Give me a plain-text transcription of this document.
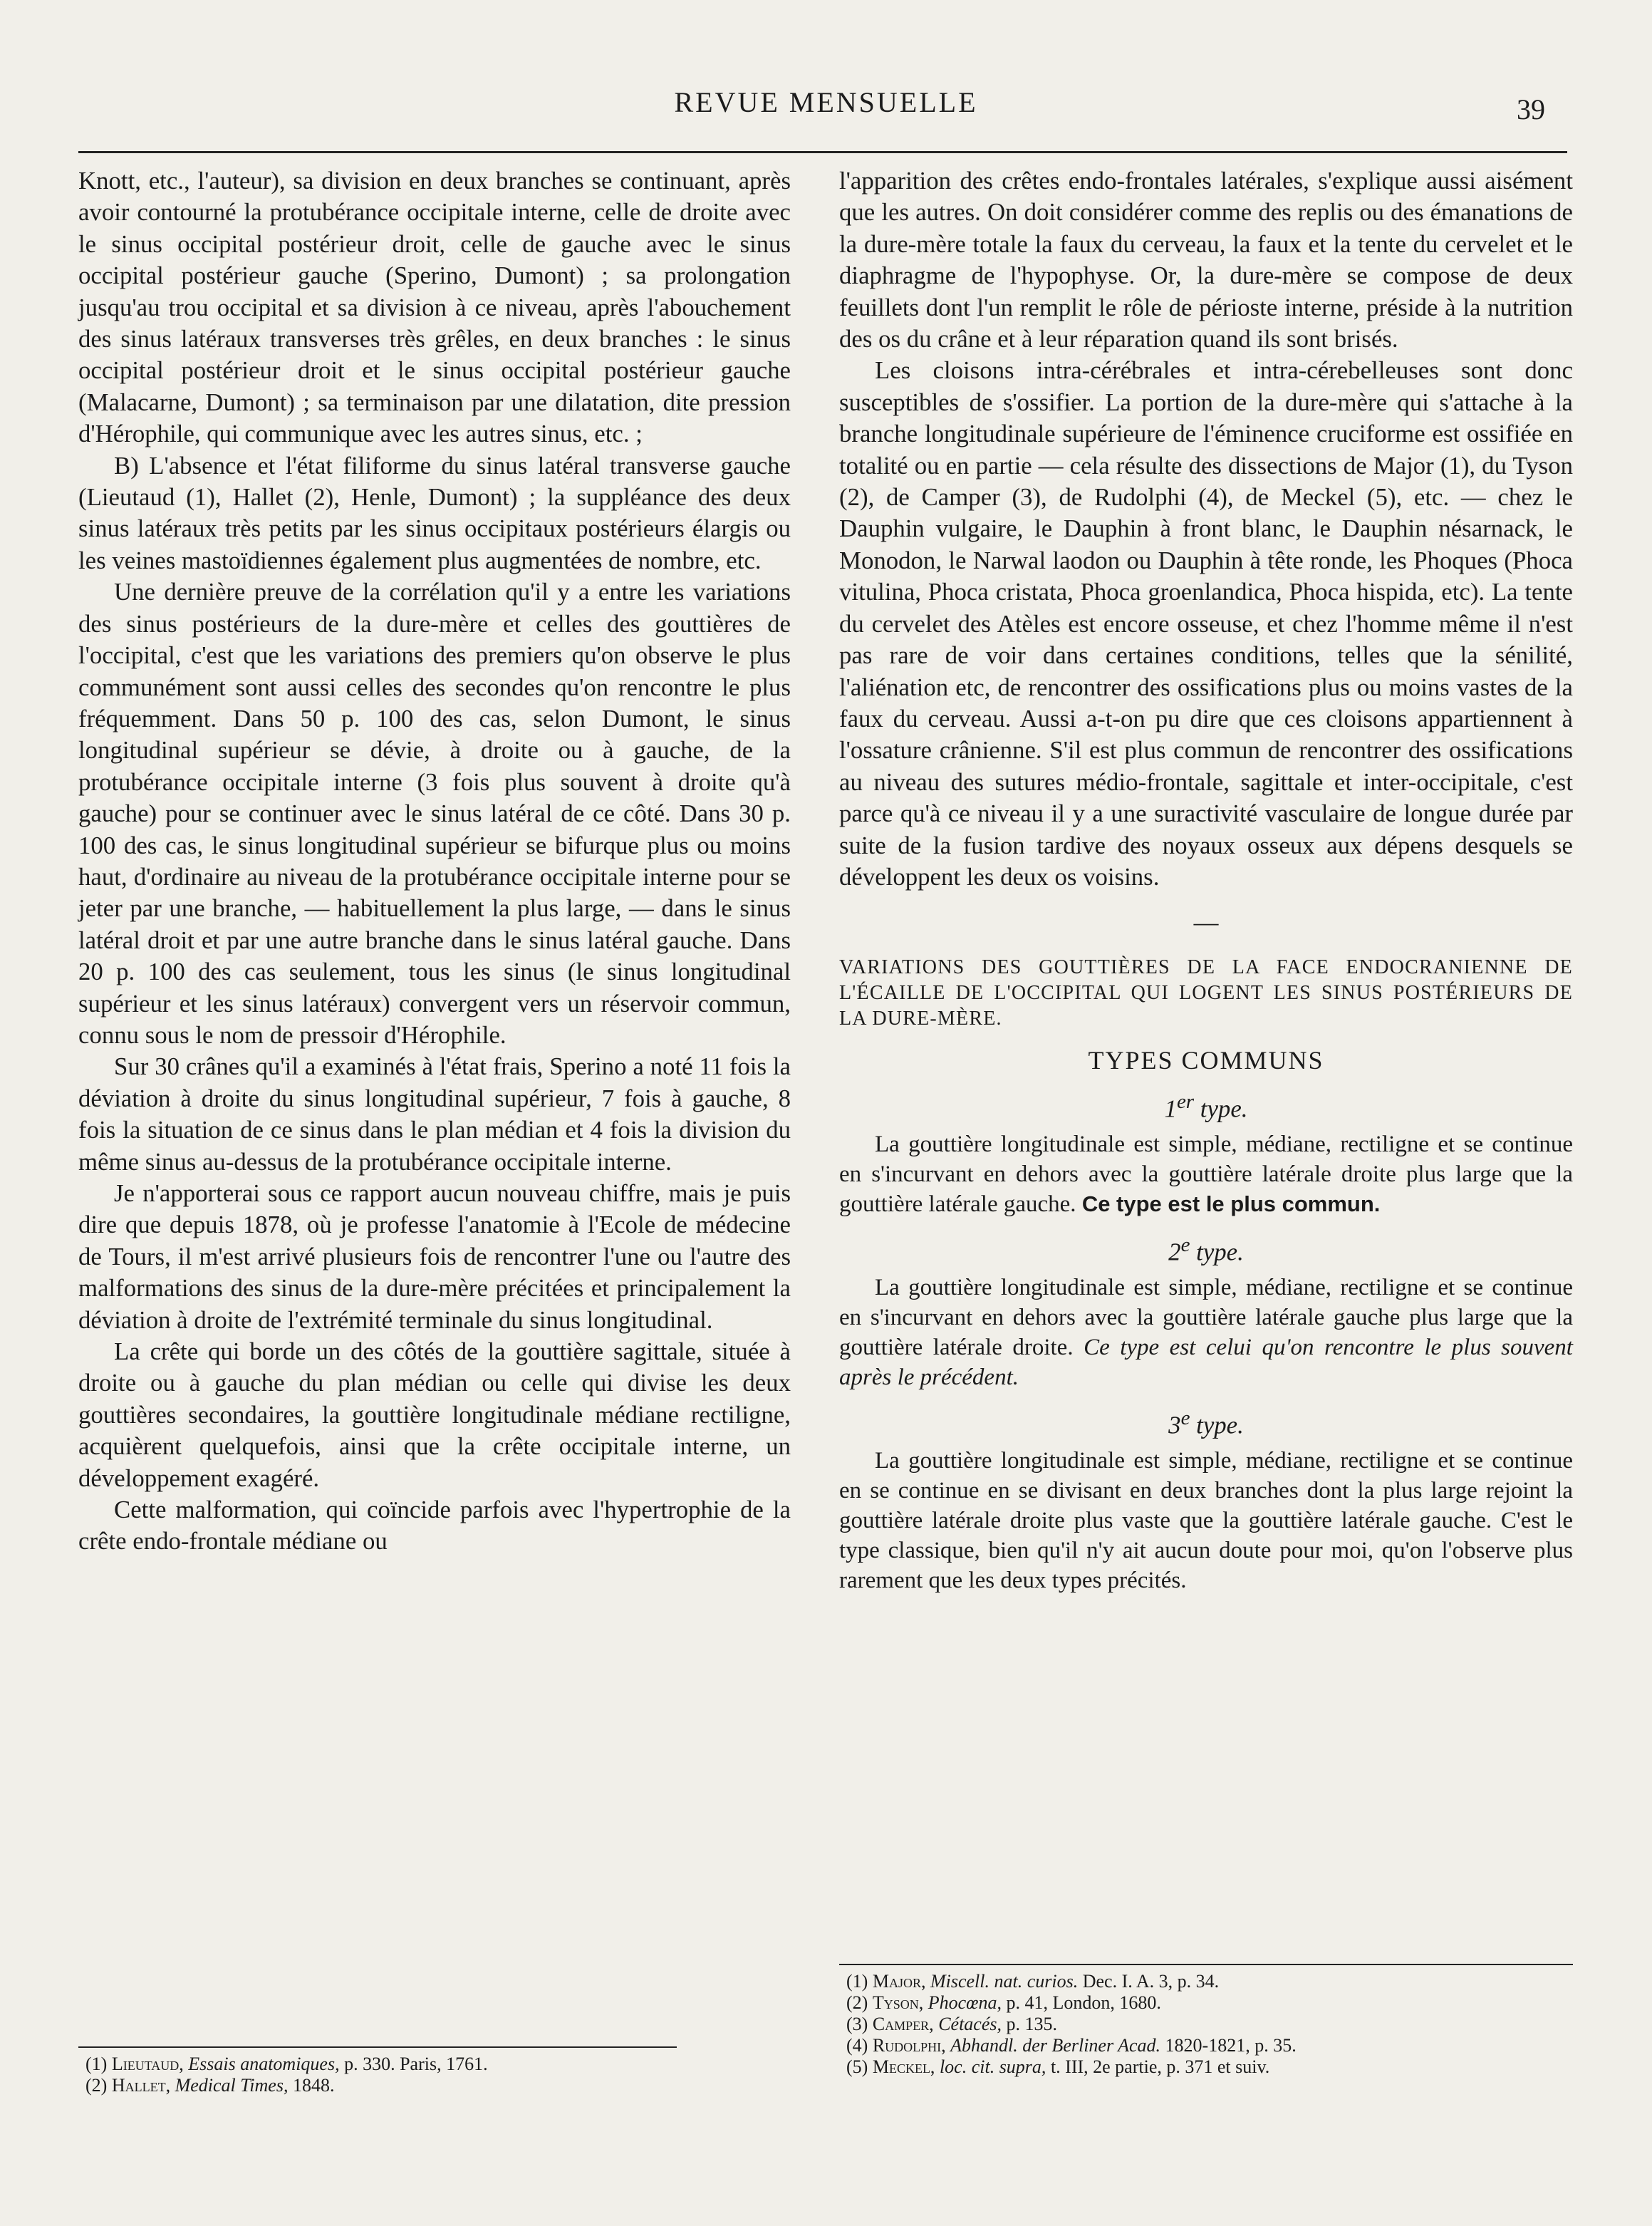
REVUE MENSUELLE	39

Knott, etc., l'auteur), sa division en deux branches se continuant, après avoir contourné la protubérance occipitale interne, celle de droite avec le sinus occipital postérieur droit, celle de gauche avec le sinus occipital postérieur gauche (Sperino, Dumont) ; sa prolongation jusqu'au trou occipital et sa division à ce niveau, après l'abouchement des sinus latéraux transverses très grêles, en deux branches : le sinus occipital postérieur droit et le sinus occipital postérieur gauche (Malacarne, Dumont) ; sa terminaison par une dilatation, dite pression d'Hérophile, qui communique avec les autres sinus, etc. ;

B) L'absence et l'état filiforme du sinus latéral transverse gauche (Lieutaud (1), Hallet (2), Henle, Dumont) ; la suppléance des deux sinus latéraux très petits par les sinus occipitaux postérieurs élargis ou les veines mastoïdiennes également plus augmentées de nombre, etc.

Une dernière preuve de la corrélation qu'il y a entre les variations des sinus postérieurs de la dure-mère et celles des gouttières de l'occipital, c'est que les variations des premiers qu'on observe le plus communément sont aussi celles des secondes qu'on rencontre le plus fréquemment. Dans 50 p. 100 des cas, selon Dumont, le sinus longitudinal supérieur se dévie, à droite ou à gauche, de la protubérance occipitale interne (3 fois plus souvent à droite qu'à gauche) pour se continuer avec le sinus latéral de ce côté. Dans 30 p. 100 des cas, le sinus longitudinal supérieur se bifurque plus ou moins haut, d'ordinaire au niveau de la protubérance occipitale interne pour se jeter par une branche, — habituellement la plus large, — dans le sinus latéral droit et par une autre branche dans le sinus latéral gauche. Dans 20 p. 100 des cas seulement, tous les sinus (le sinus longitudinal supérieur et les sinus latéraux) convergent vers un réservoir commun, connu sous le nom de pressoir d'Hérophile.

Sur 30 crânes qu'il a examinés à l'état frais, Sperino a noté 11 fois la déviation à droite du sinus longitudinal supérieur, 7 fois à gauche, 8 fois la situation de ce sinus dans le plan médian et 4 fois la division du même sinus au-dessus de la protubérance occipitale interne.

Je n'apporterai sous ce rapport aucun nouveau chiffre, mais je puis dire que depuis 1878, où je professe l'anatomie à l'Ecole de médecine de Tours, il m'est arrivé plusieurs fois de rencontrer l'une ou l'autre des malformations des sinus de la dure-mère précitées et principalement la déviation à droite de l'extrémité terminale du sinus longitudinal.

La crête qui borde un des côtés de la gouttière sagittale, située à droite ou à gauche du plan médian ou celle qui divise les deux gouttières secondaires, la gouttière longitudinale médiane rectiligne, acquièrent quelquefois, ainsi que la crête occipitale interne, un développement exagéré.

Cette malformation, qui coïncide parfois avec l'hypertrophie de la crête endo-frontale médiane ou

(1) Lieutaud, Essais anatomiques, p. 330. Paris, 1761.

(2) Hallet, Medical Times, 1848.

l'apparition des crêtes endo-frontales latérales, s'explique aussi aisément que les autres. On doit considérer comme des replis ou des émanations de la dure-mère totale la faux du cerveau, la faux et la tente du cervelet et le diaphragme de l'hypophyse. Or, la dure-mère se compose de deux feuillets dont l'un remplit le rôle de périoste interne, préside à la nutrition des os du crâne et à leur réparation quand ils sont brisés.

Les cloisons intra-cérébrales et intra-cérebelleuses sont donc susceptibles de s'ossifier. La portion de la dure-mère qui s'attache à la branche longitudinale supérieure de l'éminence cruciforme est ossifiée en totalité ou en partie — cela résulte des dissections de Major (1), du Tyson (2), de Camper (3), de Rudolphi (4), de Meckel (5), etc. — chez le Dauphin vulgaire, le Dauphin à front blanc, le Dauphin nésarnack, le Monodon, le Narwal laodon ou Dauphin à tête ronde, les Phoques (Phoca vitulina, Phoca cristata, Phoca groenlandica, Phoca hispida, etc). La tente du cervelet des Atèles est encore osseuse, et chez l'homme même il n'est pas rare de voir dans certaines conditions, telles que la sénilité, l'aliénation etc, de rencontrer des ossifications plus ou moins vastes de la faux du cerveau. Aussi a-t-on pu dire que ces cloisons appartiennent à l'ossature crânienne. S'il est plus commun de rencontrer des ossifications au niveau des sutures médio-frontale, sagittale et inter-occipitale, c'est parce qu'à ce niveau il y a une suractivité vasculaire de longue durée par suite de la fusion tardive des noyaux osseux aux dépens desquels se développent les deux os voisins.

—
VARIATIONS DES GOUTTIÈRES DE LA FACE ENDOCRANIENNE DE L'ÉCAILLE DE L'OCCIPITAL QUI LOGENT LES SINUS POSTÉRIEURS DE LA DURE-MÈRE.
TYPES COMMUNS
1er type.

La gouttière longitudinale est simple, médiane, rectiligne et se continue en s'incurvant en dehors avec la gouttière latérale droite plus large que la gouttière latérale gauche. Ce type est le plus commun.

2e type.

La gouttière longitudinale est simple, médiane, rectiligne et se continue en s'incurvant en dehors avec la gouttière latérale gauche plus large que la gouttière latérale droite. Ce type est celui qu'on rencontre le plus souvent après le précédent.

3e type.

La gouttière longitudinale est simple, médiane, rectiligne et se continue en se continue en se divisant en deux branches dont la plus large rejoint la gouttière latérale droite plus vaste que la gouttière latérale gauche. C'est le type classique, bien qu'il n'y ait aucun doute pour moi, qu'on l'observe plus rarement que les deux types précités.

(1) Major, Miscell. nat. curios. Dec. I. A. 3, p. 34.

(2) Tyson, Phocœna, p. 41, London, 1680.

(3) Camper, Cétacés, p. 135.

(4) Rudolphi, Abhandl. der Berliner Acad. 1820-1821, p. 35.

(5) Meckel, loc. cit. supra, t. III, 2e partie, p. 371 et suiv.
